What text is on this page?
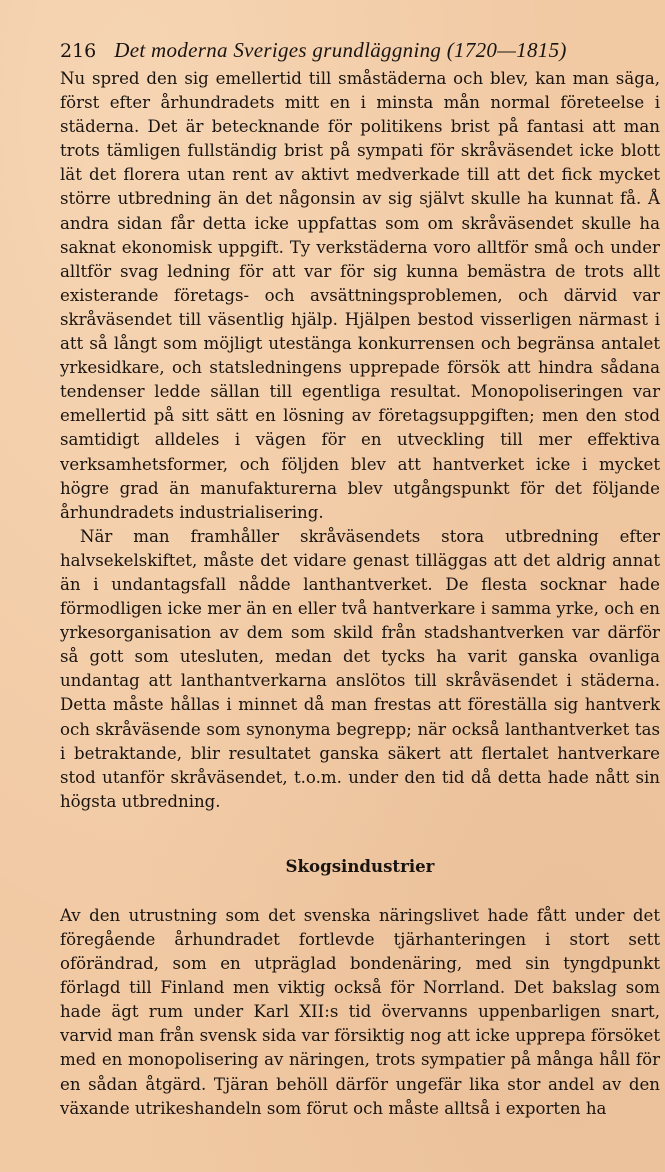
216 Det moderna Sveriges grundläggning (1720—1815)

Nu spred den sig emellertid till småstäderna och blev, kan man säga, först efter århundradets mitt en i minsta mån normal företeelse i städerna. Det är betecknande för politikens brist på fantasi att man trots tämligen fullständig brist på sympati för skråväsendet icke blott lät det florera utan rent av aktivt medverkade till att det fick mycket större utbredning än det någonsin av sig självt skulle ha kunnat få. Å andra sidan får detta icke uppfattas som om skråväsendet skulle ha saknat ekonomisk uppgift. Ty verkstäderna voro alltför små och under alltför svag ledning för att var för sig kunna bemästra de trots allt existerande företags- och avsättningsproblemen, och därvid var skråväsendet till väsentlig hjälp. Hjälpen bestod visserligen närmast i att så långt som möjligt utestänga konkurrensen och begränsa antalet yrkesidkare, och statsledningens upprepade försök att hindra sådana tendenser ledde sällan till egentliga resultat. Monopoliseringen var emellertid på sitt sätt en lösning av företagsuppgiften; men den stod samtidigt alldeles i vägen för en utveckling till mer effektiva verksamhetsformer, och följden blev att hantverket icke i mycket högre grad än manufakturerna blev utgångspunkt för det följande århundradets industrialisering.

När man framhåller skråväsendets stora utbredning efter halvsekelskiftet, måste det vidare genast tilläggas att det aldrig annat än i undantagsfall nådde lanthantverket. De flesta socknar hade förmodligen icke mer än en eller två hantverkare i samma yrke, och en yrkesorganisation av dem som skild från stadshantverken var därför så gott som utesluten, medan det tycks ha varit ganska ovanliga undantag att lanthantverkarna anslötos till skråväsendet i städerna. Detta måste hållas i minnet då man frestas att föreställa sig hantverk och skråväsende som synonyma begrepp; när också lanthantverket tas i betraktande, blir resultatet ganska säkert att flertalet hantverkare stod utanför skråväsendet, t.o.m. under den tid då detta hade nått sin högsta utbredning.

Skogsindustrier

Av den utrustning som det svenska näringslivet hade fått under det föregående århundradet fortlevde tjärhanteringen i stort sett oförändrad, som en utpräglad bondenäring, med sin tyngdpunkt förlagd till Finland men viktig också för Norrland. Det bakslag som hade ägt rum under Karl XII:s tid övervanns uppenbarligen snart, varvid man från svensk sida var försiktig nog att icke upprepa försöket med en monopolisering av näringen, trots sympatier på många håll för en sådan åtgärd. Tjäran behöll därför ungefär lika stor andel av den växande utrikeshandeln som förut och måste alltså i exporten ha
